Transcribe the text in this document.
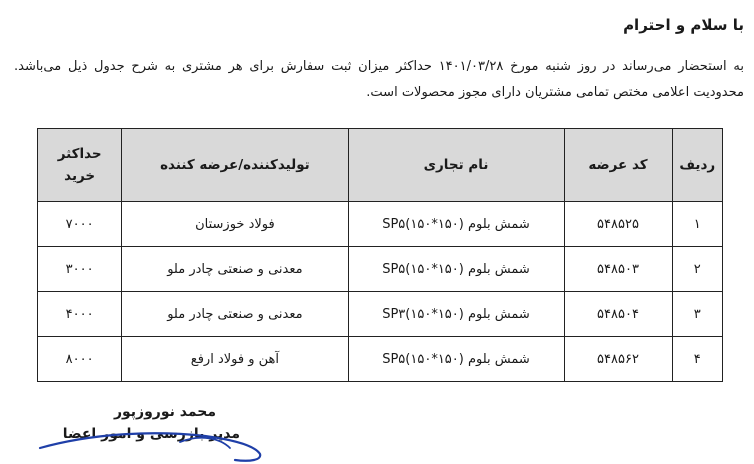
با سلام و احترام
به استحضار می‌رساند در روز شنبه مورخ ۱۴۰۱/۰۳/۲۸ حداکثر میزان ثبت سفارش برای هر مشتری به شرح جدول ذیل می‌باشد. محدودیت اعلامی مختص تمامی مشتریان دارای مجوز محصولات است.
ردیف	کد عرضه	نام تجاری	تولیدکننده/عرضه کننده	حداکثر خرید
۱	۵۴۸۵۲۵	شمش بلوم (۱۵۰*۱۵۰)SP۵	فولاد خوزستان	۷۰۰۰
۲	۵۴۸۵۰۳	شمش بلوم (۱۵۰*۱۵۰)SP۵	معدنی و صنعتی چادر ملو	۳۰۰۰
۳	۵۴۸۵۰۴	شمش بلوم (۱۵۰*۱۵۰)SP۳	معدنی و صنعتی چادر ملو	۴۰۰۰
۴	۵۴۸۵۶۲	شمش بلوم (۱۵۰*۱۵۰)SP۵	آهن و فولاد ارفع	۸۰۰۰
محمد نوروزپور
مدیر بازرسی و امور اعضا
